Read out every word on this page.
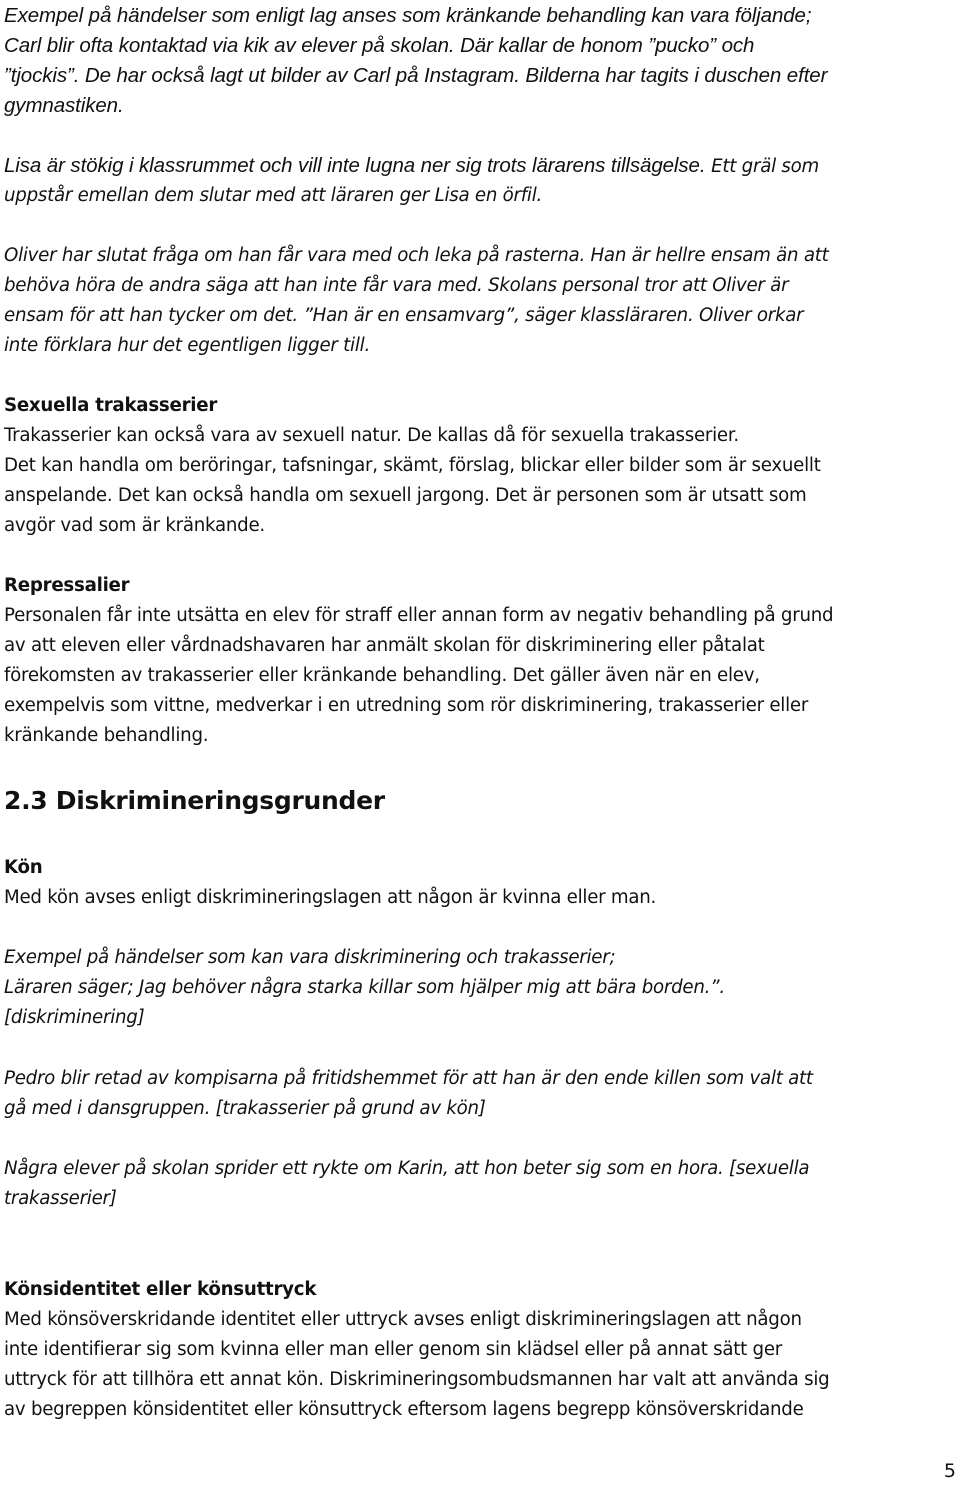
Exempel på händelser som enligt lag anses som kränkande behandling kan vara följande;
Carl blir ofta kontaktad via kik av elever på skolan. Där kallar de honom ”pucko” och
”tjockis”. De har också lagt ut bilder av Carl på Instagram. Bilderna har tagits i duschen efter
gymnastiken.
Lisa är stökig i klassrummet och vill inte lugna ner sig trots lärarens tillsägelse. Ett gräl som
uppstår emellan dem slutar med att läraren ger Lisa en örfil.
Oliver har slutat fråga om han får vara med och leka på rasterna. Han är hellre ensam än att
behöva höra de andra säga att han inte får vara med. Skolans personal tror att Oliver är
ensam för att han tycker om det. ”Han är en ensamvarg”, säger klassläraren. Oliver orkar
inte förklara hur det egentligen ligger till.
Sexuella trakasserier
Trakasserier kan också vara av sexuell natur. De kallas då för sexuella trakasserier.
Det kan handla om beröringar, tafsningar, skämt, förslag, blickar eller bilder som är sexuellt
anspelande. Det kan också handla om sexuell jargong. Det är personen som är utsatt som
avgör vad som är kränkande.
Repressalier
Personalen får inte utsätta en elev för straff eller annan form av negativ behandling på grund
av att eleven eller vårdnadshavaren har anmält skolan för diskriminering eller påtalat
förekomsten av trakasserier eller kränkande behandling. Det gäller även när en elev,
exempelvis som vittne, medverkar i en utredning som rör diskriminering, trakasserier eller
kränkande behandling.
2.3 Diskrimineringsgrunder
Kön
Med kön avses enligt diskrimineringslagen att någon är kvinna eller man.
Exempel på händelser som kan vara diskriminering och trakasserier;
Läraren säger; Jag behöver några starka killar som hjälper mig att bära borden.”.
[diskriminering]
Pedro blir retad av kompisarna på fritidshemmet för att han är den ende killen som valt att
gå med i dansgruppen. [trakasserier på grund av kön]
Några elever på skolan sprider ett rykte om Karin, att hon beter sig som en hora. [sexuella
trakasserier]
Könsidentitet eller könsuttryck
Med könsöverskridande identitet eller uttryck avses enligt diskrimineringslagen att någon
inte identifierar sig som kvinna eller man eller genom sin klädsel eller på annat sätt ger
uttryck för att tillhöra ett annat kön. Diskrimineringsombudsmannen har valt att använda sig
av begreppen könsidentitet eller könsuttryck eftersom lagens begrepp könsöverskridande
5
